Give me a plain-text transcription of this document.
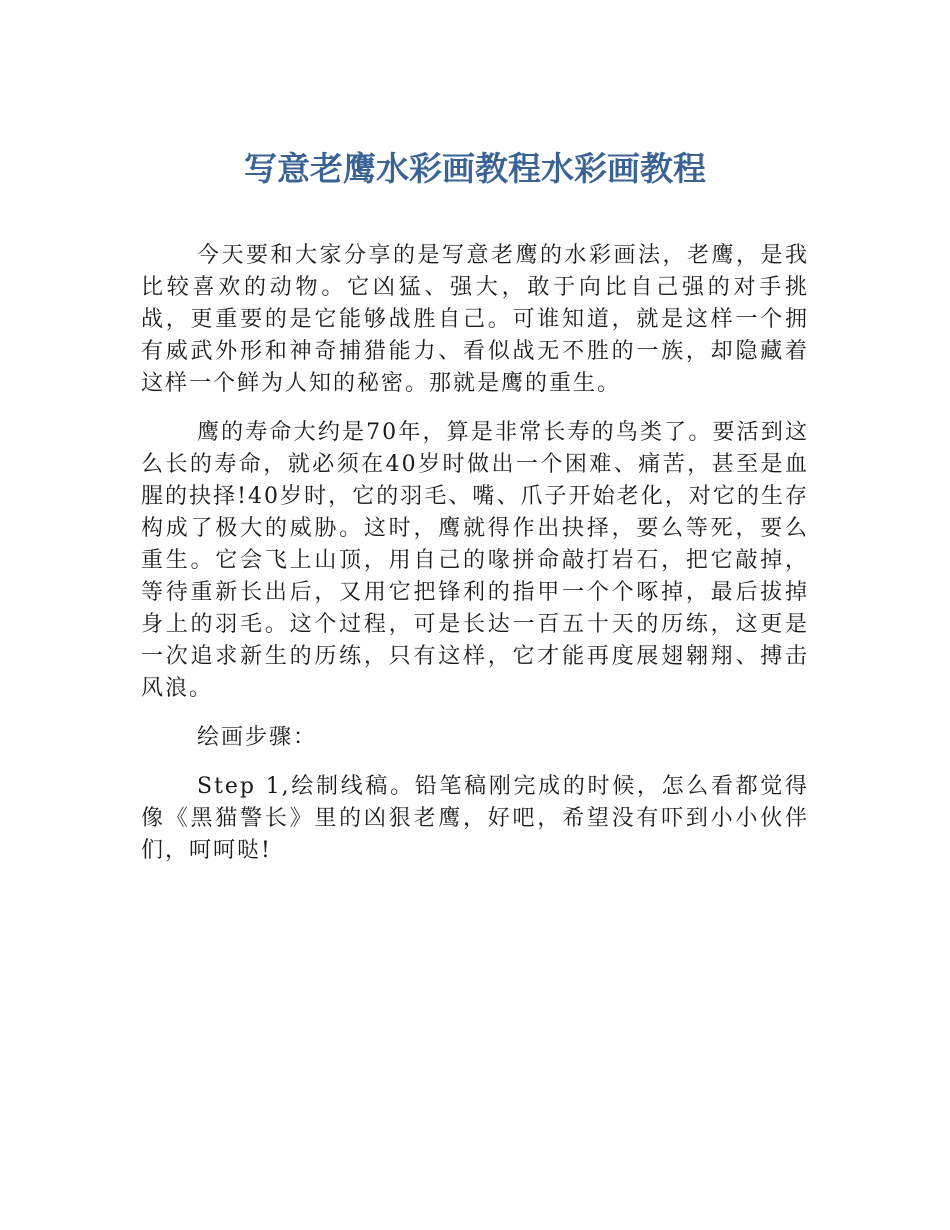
写意老鹰水彩画教程水彩画教程

今天要和大家分享的是写意老鹰的水彩画法，老鹰，是我比较喜欢的动物。它凶猛、强大，敢于向比自己强的对手挑战，更重要的是它能够战胜自己。可谁知道，就是这样一个拥有威武外形和神奇捕猎能力、看似战无不胜的一族，却隐藏着这样一个鲜为人知的秘密。那就是鹰的重生。

鹰的寿命大约是70年，算是非常长寿的鸟类了。要活到这么长的寿命，就必须在40岁时做出一个困难、痛苦，甚至是血腥的抉择!40岁时，它的羽毛、嘴、爪子开始老化，对它的生存构成了极大的威胁。这时，鹰就得作出抉择，要么等死，要么重生。它会飞上山顶，用自己的喙拼命敲打岩石，把它敲掉，等待重新长出后，又用它把锋利的指甲一个个啄掉，最后拔掉身上的羽毛。这个过程，可是长达一百五十天的历练，这更是一次追求新生的历练，只有这样，它才能再度展翅翱翔、搏击风浪。

绘画步骤：

Step 1,绘制线稿。铅笔稿刚完成的时候，怎么看都觉得像《黑猫警长》里的凶狠老鹰，好吧，希望没有吓到小小伙伴们，呵呵哒!
